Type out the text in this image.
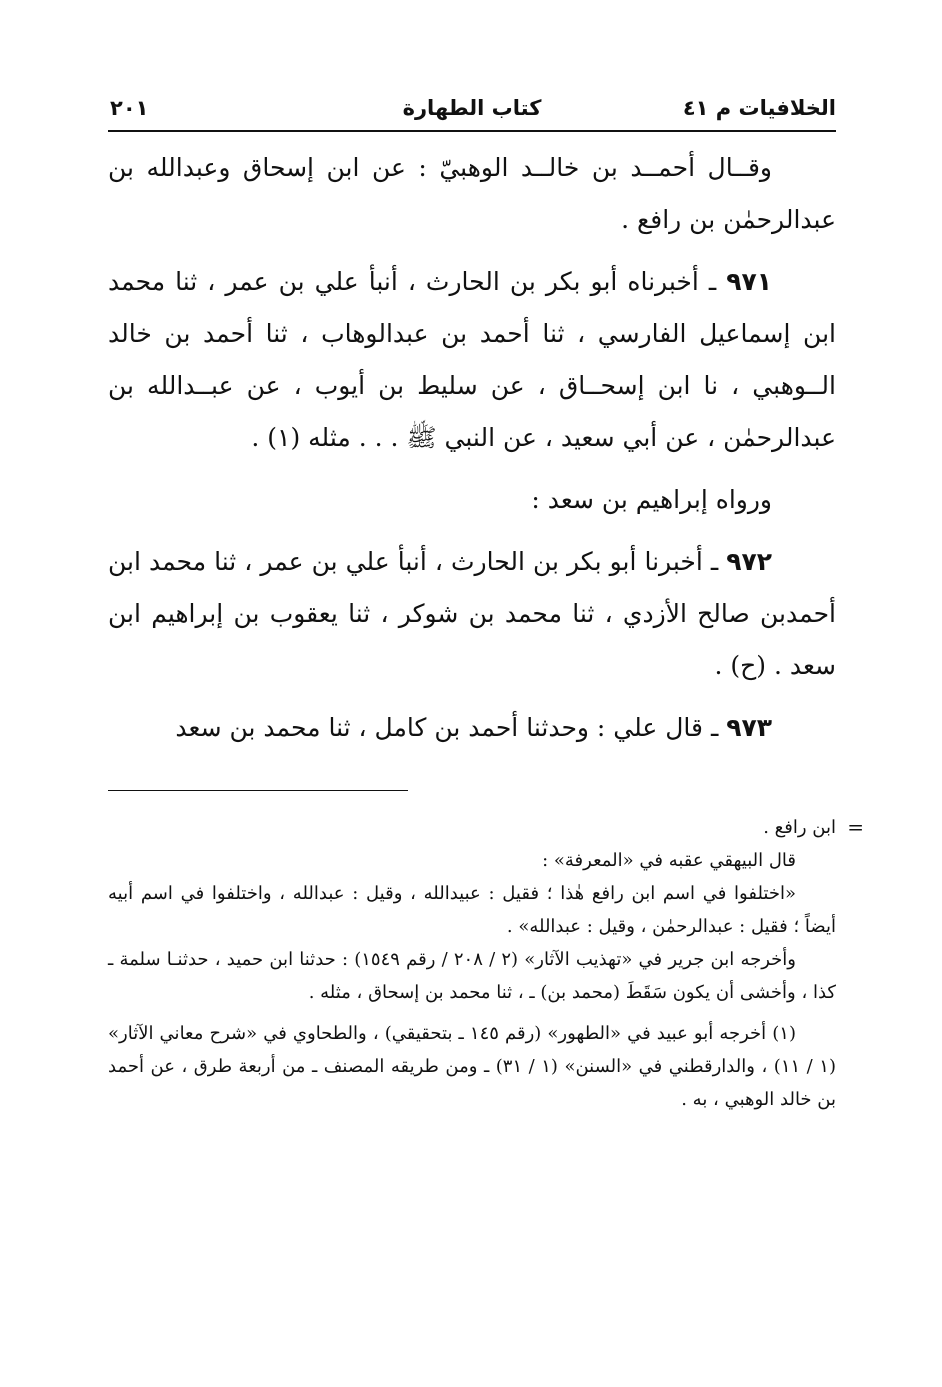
الخلافيات م ٤١
كتاب الطهارة
٢٠١

وقــال أحمــد بن خالــد الوهبيّ : عن ابن إسحاق وعبدالله بن عبدالرحمٰن بن رافع .

٩٧١ ـ أخبرناه أبو بكر بن الحارث ، أنبأ علي بن عمر ، ثنا محمد ابن إسماعيل الفارسي ، ثنا أحمد بن عبدالوهاب ، ثنا أحمد بن خالد الــوهبي ، نا ابن إسحــاق ، عن سليط بن أيوب ، عن عبــدالله بن عبدالرحمٰن ، عن أبي سعيد ، عن النبي ﷺ . . . مثله (١) .

ورواه إبراهيم بن سعد :

٩٧٢ ـ أخبرنا أبو بكر بن الحارث ، أنبأ علي بن عمر ، ثنا محمد ابن أحمدبن صالح الأزدي ، ثنا محمد بن شوكر ، ثنا يعقوب بن إبراهيم ابن سعد . (ح) .

٩٧٣ ـ قال علي : وحدثنا أحمد بن كامل ، ثنا محمد بن سعد

=
ابن رافع .

قال البيهقي عقبه في «المعرفة» :

«اختلفوا في اسم ابن رافع هٰذا ؛ فقيل : عبيدالله ، وقيل : عبدالله ، واختلفوا في اسم أبيه أيضاً ؛ فقيل : عبدالرحمٰن ، وقيل : عبدالله» .

وأخرجه ابن جرير في «تهذيب الآثار» (٢ / ٢٠٨ / رقم ١٥٤٩) : حدثنا ابن حميد ، حدثنـا سلمة ـ كذا ، وأخشى أن يكون سَقَطَ (محمد بن) ـ ، ثنا محمد بن إسحاق ، مثله .

(١) أخرجه أبو عبيد في «الطهور» (رقم ١٤٥ ـ بتحقيقي) ، والطحاوي في «شرح معاني الآثار» (١ / ١١) ، والدارقطني في «السنن» (١ / ٣١) ـ ومن طريقه المصنف ـ من أربعة طرق ، عن أحمد بن خالد الوهبي ، به .
